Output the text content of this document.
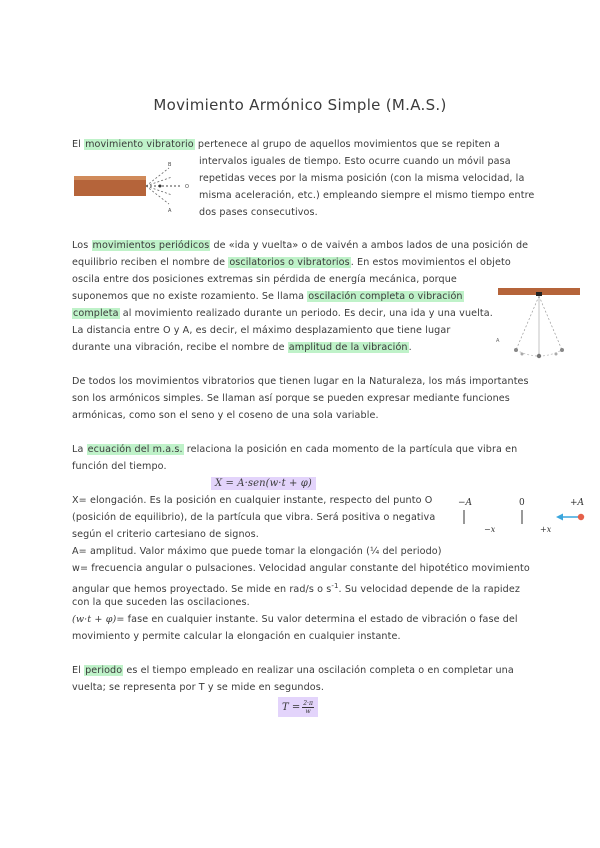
Movimiento Armónico Simple (M.A.S.)
El movimiento vibratorio pertenece al grupo de aquellos movimientos que se repiten a
intervalos iguales de tiempo. Esto ocurre cuando un móvil pasa
repetidas veces por la misma posición (con la misma velocidad, la
misma aceleración, etc.) empleando siempre el mismo tiempo entre
dos pases consecutivos.
B
O
A
Los movimientos periódicos de «ida y vuelta» o de vaivén a ambos lados de una posición de
equilibrio reciben el nombre de oscilatorios o vibratorios. En estos movimientos el objeto
oscila entre dos posiciones extremas sin pérdida de energía mecánica, porque
suponemos que no existe rozamiento. Se llama oscilación completa o vibración
completa al movimiento realizado durante un periodo. Es decir, una ida y una vuelta.
La distancia entre O y A, es decir, el máximo desplazamiento que tiene lugar
durante una vibración, recibe el nombre de amplitud de la vibración.
A
De todos los movimientos vibratorios que tienen lugar en la Naturaleza, los más importantes
son los armónicos simples. Se llaman así porque se pueden expresar mediante funciones
armónicas, como son el seno y el coseno de una sola variable.
La ecuación del m.a.s. relaciona la posición en cada momento de la partícula que vibra en
función del tiempo.
X = A·sen(w·t + φ)
X= elongación. Es la posición en cualquier instante, respecto del punto O
(posición de equilibrio), de la partícula que vibra. Será positiva o negativa
según el criterio cartesiano de signos.
A= amplitud. Valor máximo que puede tomar la elongación (¼ del periodo)
w= frecuencia angular o pulsaciones. Velocidad angular constante del hipotético movimiento
angular que hemos proyectado. Se mide en rad/s o $s^{-1}$. Su velocidad depende de la rapidez
con la que suceden las oscilaciones.
(w·t + φ)= fase en cualquier instante. Su valor determina el estado de vibración o fase del
movimiento y permite calcular la elongación en cualquier instante.
−A	0	+A
−x	+x
El periodo es el tiempo empleado en realizar una oscilación completa o en completar una
vuelta; se representa por T y se mide en segundos.
$T = \frac{2\cdot\pi}{w}$
